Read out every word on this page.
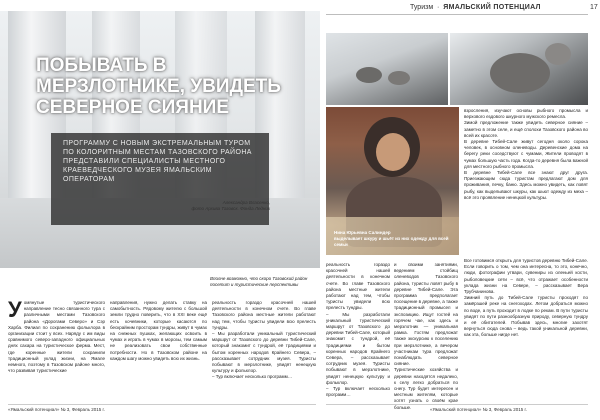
Туризм  ·  ЯМАЛЬСКИЙ ПОТЕНЦИАЛ	17
ПОБЫВАТЬ В МЕРЗЛОТНИКЕ, УВИДЕТЬ СЕВЕРНОЕ СИЯНИЕ
ПРОГРАММУ С НОВЫМ ЭКСТРЕМАЛЬНЫМ ТУРОМ ПО КОЛОРИТНЫМ МЕСТАМ ТАЗОВСКОГО РАЙОНА ПРЕДСТАВИЛИ СПЕЦИАЛИСТЫ МЕСТНОГО КРАЕВЕДЧЕСКОГО МУЗЕЯ ЯМАЛЬСКИМ ОПЕРАТОРАМ
Александра Власенко,
фото Архива Тазовск. Фонда Ледник
Вполне возможно, что скоро Тазовский район посетит и туристические перспективы
У омянутые туристического направление тесно связанного тура с различными местами Тазовского района «Дорогами Северо» и Сэр Харба. Филиал по сохранению фольклора в организации стоит у всех. Наряду с им виды сравнимого северо-западного официальных днях сахара на туристическое ферма. Мест, где коренные жители сохранили традиционный уклад жизни, на Ямале немного, поэтому в Тазовском районе много, что развивая туристические
направления, нужно делать ставку на самобытность. Рядовому жителю с большой земли трудно поверить, что в XXI веке ещё есть кочевники, которые касаются по бескрайним просторам тундры, живут в чумах на снежных пушках, желающих освоить в чумах и играть в чумах в морозы, тем самым не реализовать свои собственные потребности. Но в Тазовском районе на каждом шагу можно увидеть всю их жизнь.
реальность гораздо красочней нашей деятельности в конечном счете. Во главе Тазовского района местные жители работают над тем, чтобы туристы увидели всю прелесть тундры.
– Мы разработали уникальный туристический маршрут от Тазовского до деревни Тибей-Сале, который знакомит с тундрой, её традициями и бытом коренных народов Крайнего Севера, – рассказывает сотрудник музея. Туристы побывают в мерзлотнике, увидят ненецкую культуру и фольклор.
– Тур включает несколько программ…
«Ямальский потенциал» № 3, Февраль 2015 г.
Нина Юрьевна Салиндер
выделывает шкуру и шьёт из них одежду для всей семьи
реальность гораздо красочней нашей деятельности в конечном счете. Во главе Тазовского района местные жители работают над тем, чтобы туристы увидели всю прелесть тундры.
– Мы разработали уникальный туристический маршрут от Тазовского до деревни Тибей-Сале, который знакомит с тундрой, её традициями и бытом коренных народов Крайнего Севера, – рассказывает сотрудник музея. Туристы побывают в мерзлотнике, увидят ненецкую культуру и фольклор.
– Тур включает несколько программ…
и своими занятиями, ведением стойбищ оленеводов Тазовского района, туристы ловят рыбу в деревне Тибей-Сале. Эта программа предполагает посещение в деревне, а также традиционный промысел и экспозицию. Ищут гостей на горячем чае, как здесь и мерзлотник — уникальная рамка. Гостям предложат также экскурсию к поселению при мерзлотнике, а вечером участникам тура предложат понаблюдать северное сияние.
Туристические хозяйства и деревни находятся недалеко, к селу легко добраться по снегу. Тур будет интересен и местным жителям, которые хотят узнать о своём крае больше.
взросления, изучают основы рыбного промысла и верхового ездового шкурного мужского ремесла.
Зимой предложение также увидеть северное сияние – заметно в этом селе, и ещё сполохи Тазовского района во всей их красоте.
В деревне Тибей-Сале живут сегодня около сорока человек, в основном оленеводы. Деревенские дома на берегу реки соседствуют с чумами, Жители проводят в чумах большую часть года. Когда-то деревня была важной для местного рыбного промысла.
В деревне Тибей-Сале все знают друг друга. Приезжающим сюда туристам предлагают дом для проживания, печку, баню. Здесь можно увидеть, как ловят рыбу, как выделывают шкуры, как шьют одежду из меха – всё это проявление ненецкой культуры.
Все готовимся открыть для туристов деревню Тибей-Сале. Если говорить о том, чем она интересна, то это, конечно, люди, фотографии утвари, сувениры из оленьей кости, рыболовецкие сети – всё, что отражает особенности уклада жизни на Севере, – рассказывает Вера Трубчанинова.
Зимний путь до Тибей-Сале туристы проходят по замёрзшей реке на снегоходах. Летом добраться можно по воде, а путь проходит в лодке по рекам. В пути туристы увидят по пути разнообразную природу, северную тундру и её обитателей. Побывав здесь, многие захотят вернуться сюда снова – ведь такой уникальной деревни, как эта, больше нигде нет.
«Ямальский потенциал» № 3, Февраль 2015 г.
